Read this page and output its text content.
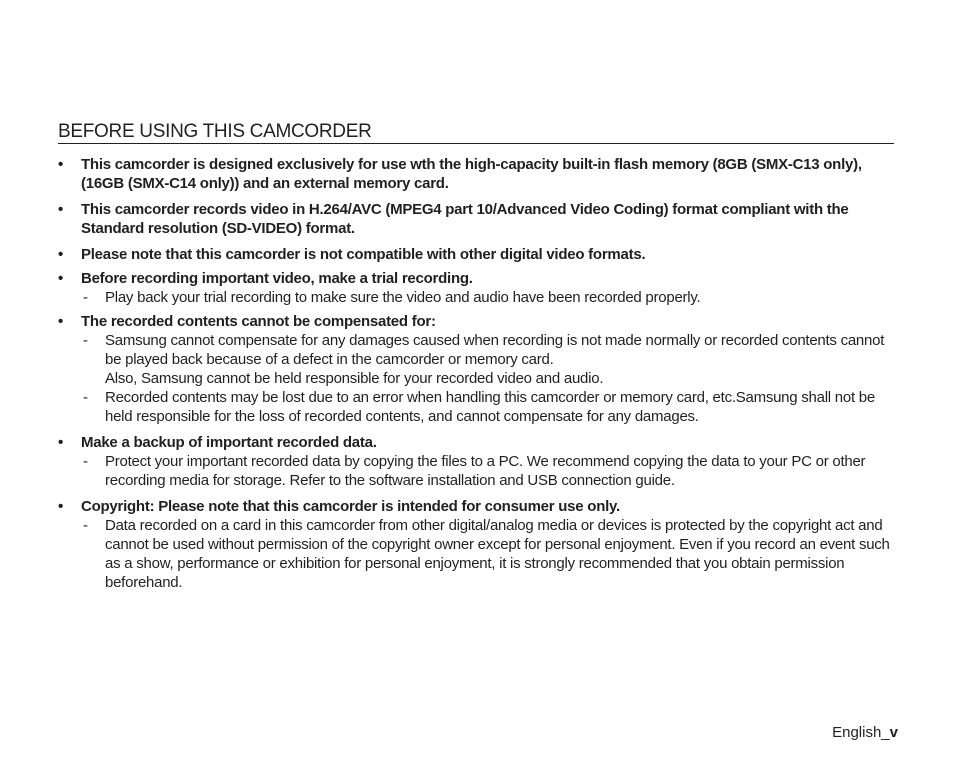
BEFORE USING THIS CAMCORDER
• This camcorder is designed exclusively for use wth the high-capacity built-in flash memory (8GB (SMX-C13 only), (16GB (SMX-C14 only)) and an external memory card.
• This camcorder records video in H.264/AVC (MPEG4 part 10/Advanced Video Coding) format compliant with the Standard resolution (SD-VIDEO) format.
• Please note that this camcorder is not compatible with other digital video formats.
• Before recording important video, make a trial recording.
- Play back your trial recording to make sure the video and audio have been recorded properly.
• The recorded contents cannot be compensated for:
- Samsung cannot compensate for any damages caused when recording is not made normally or recorded contents cannot be played back because of a defect in the camcorder or memory card.
Also, Samsung cannot be held responsible for your recorded video and audio.
- Recorded contents may be lost due to an error when handling this camcorder or memory card, etc.Samsung shall not be held responsible for the loss of recorded contents, and cannot compensate for any damages.
• Make a backup of important recorded data.
- Protect your important recorded data by copying the files to a PC. We recommend copying the data to your PC or other recording media for storage. Refer to the software installation and USB connection guide.
• Copyright: Please note that this camcorder is intended for consumer use only.
- Data recorded on a card in this camcorder from other digital/analog media or devices is protected by the copyright act and cannot be used without permission of the copyright owner except for personal enjoyment. Even if you record an event such as a show, performance or exhibition for personal enjoyment, it is strongly recommended that you obtain permission beforehand.
English_v
